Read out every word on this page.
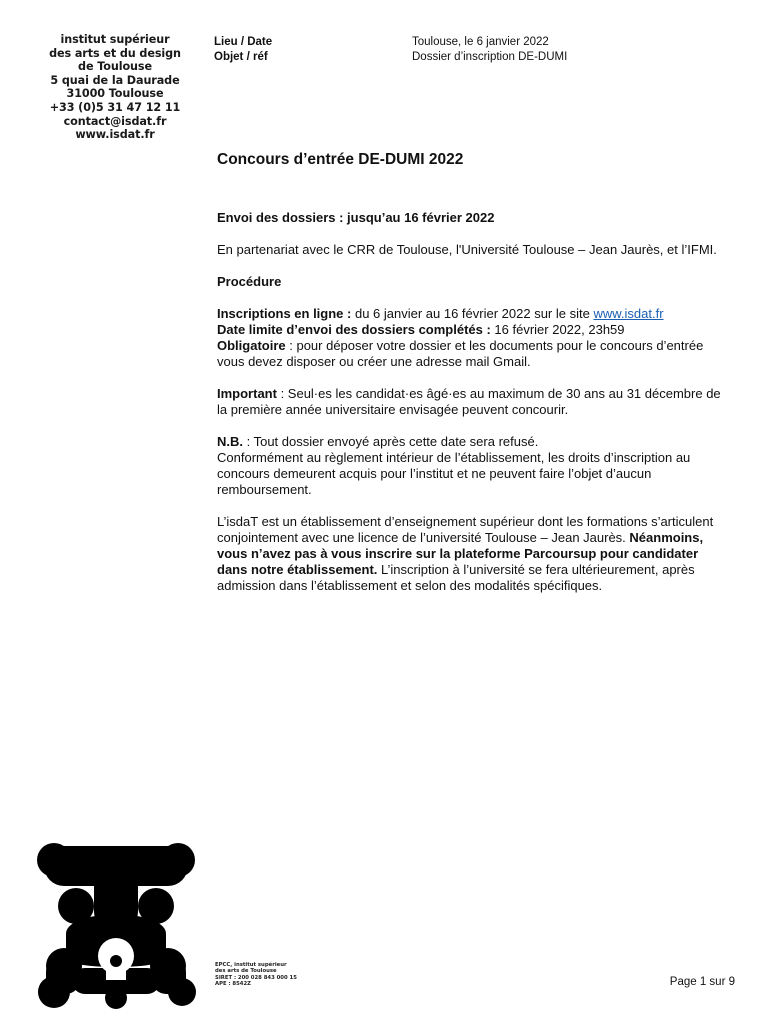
institut supérieur
des arts et du design
de Toulouse
5 quai de la Daurade
31000 Toulouse
+33 (0)5 31 47 12 11
contact@isdat.fr
www.isdat.fr
Lieu / Date
Objet / réf
Toulouse, le 6 janvier 2022
Dossier d’inscription DE-DUMI
Concours d’entrée DE-DUMI 2022

Envoi des dossiers : jusqu’au 16 février 2022

En partenariat avec le CRR de Toulouse, l'Université Toulouse – Jean Jaurès, et l’IFMI.

Procédure

Inscriptions en ligne : du 6 janvier au 16 février 2022 sur le site www.isdat.fr
Date limite d’envoi des dossiers complétés : 16 février 2022, 23h59
Obligatoire : pour déposer votre dossier et les documents pour le concours d’entrée vous devez disposer ou créer une adresse mail Gmail.

Important : Seul·es les candidat·es âgé·es au maximum de 30 ans au 31 décembre de la première année universitaire envisagée peuvent concourir.

N.B. : Tout dossier envoyé après cette date sera refusé.
Conformément au règlement intérieur de l’établissement, les droits d’inscription au concours demeurent acquis pour l’institut et ne peuvent faire l’objet d’aucun remboursement.

L’isdaT est un établissement d’enseignement supérieur dont les formations s’articulent conjointement avec une licence de l’université Toulouse – Jean Jaurès. Néanmoins, vous n’avez pas à vous inscrire sur la plateforme Parcoursup pour candidater dans notre établissement. L’inscription à l’université se fera ultérieurement, après admission dans l’établissement et selon des modalités spécifiques.

EPCC, institut supérieur
des arts de Toulouse
SIRET : 200 028 843 000 15
APE : 8542Z	Page 1 sur 9
